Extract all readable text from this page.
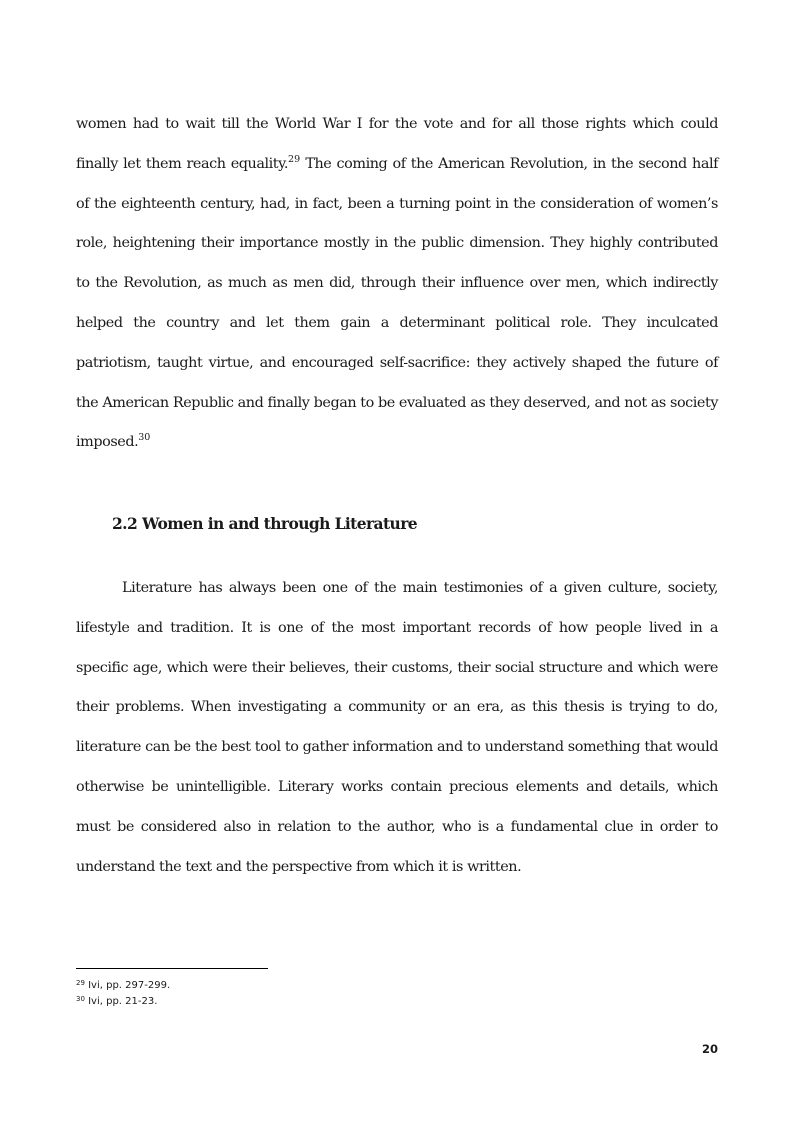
women had to wait till the World War I for the vote and for all those rights which could finally let them reach equality.$^{29}$ The coming of the American Revolution, in the second half of the eighteenth century, had, in fact, been a turning point in the consideration of women’s role, heightening their importance mostly in the public dimension. They highly contributed to the Revolution, as much as men did, through their influence over men, which indirectly helped the country and let them gain a determinant political role. They inculcated patriotism, taught virtue, and encouraged self-sacrifice: they actively shaped the future of the American Republic and finally began to be evaluated as they deserved, and not as society imposed.$^{30}$

2.2 Women in and through Literature

Literature has always been one of the main testimonies of a given culture, society, lifestyle and tradition. It is one of the most important records of how people lived in a specific age, which were their believes, their customs, their social structure and which were their problems. When investigating a community or an era, as this thesis is trying to do, literature can be the best tool to gather information and to understand something that would otherwise be unintelligible. Literary works contain precious elements and details, which must be considered also in relation to the author, who is a fundamental clue in order to understand the text and the perspective from which it is written.

$^{29}$ Ivi, pp. 297-299.

$^{30}$ Ivi, pp. 21-23.

20
